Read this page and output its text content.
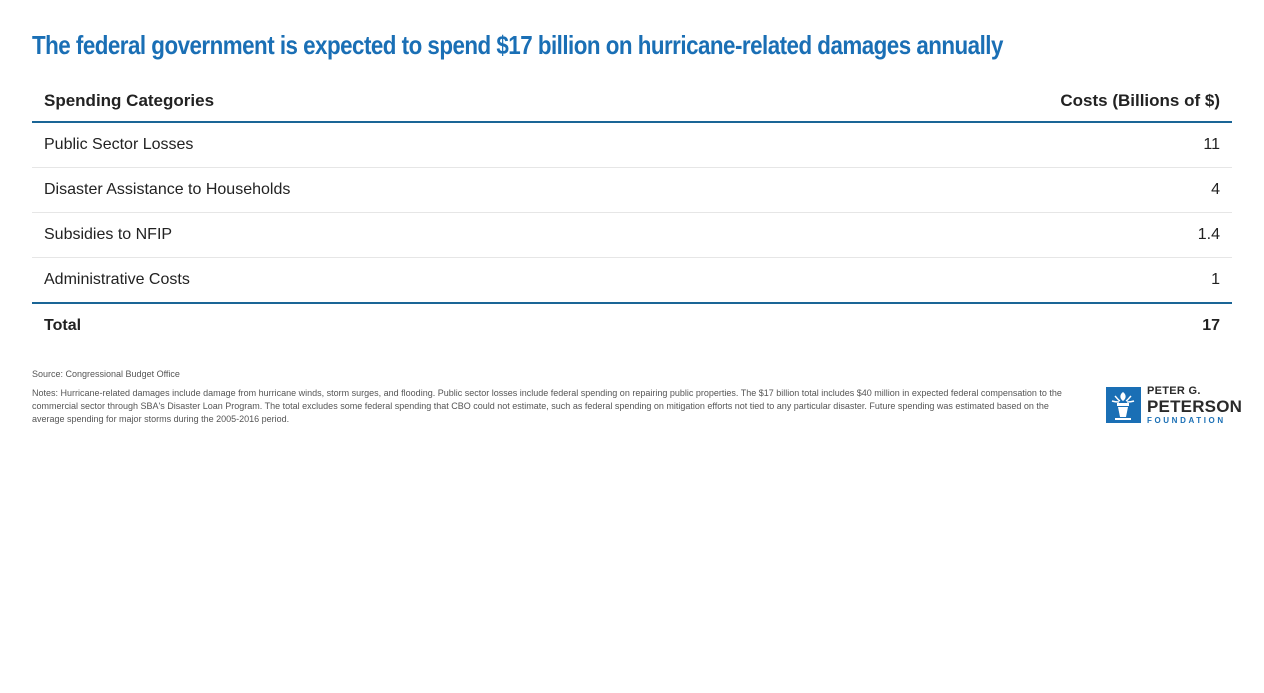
The federal government is expected to spend $17 billion on hurricane-related damages annually
Spending Categories	Costs (Billions of $)
Public Sector Losses	11
Disaster Assistance to Households	4
Subsidies to NFIP	1.4
Administrative Costs	1
Total	17
Source: Congressional Budget Office
Notes: Hurricane-related damages include damage from hurricane winds, storm surges, and flooding. Public sector losses include federal spending on repairing public properties. The $17 billion total includes $40 million in expected federal compensation to the commercial sector through SBA's Disaster Loan Program. The total excludes some federal spending that CBO could not estimate, such as federal spending on mitigation efforts not tied to any particular disaster. Future spending was estimated based on the average spending for major storms during the 2005-2016 period.
PETER G.
PETERSON
FOUNDATION
